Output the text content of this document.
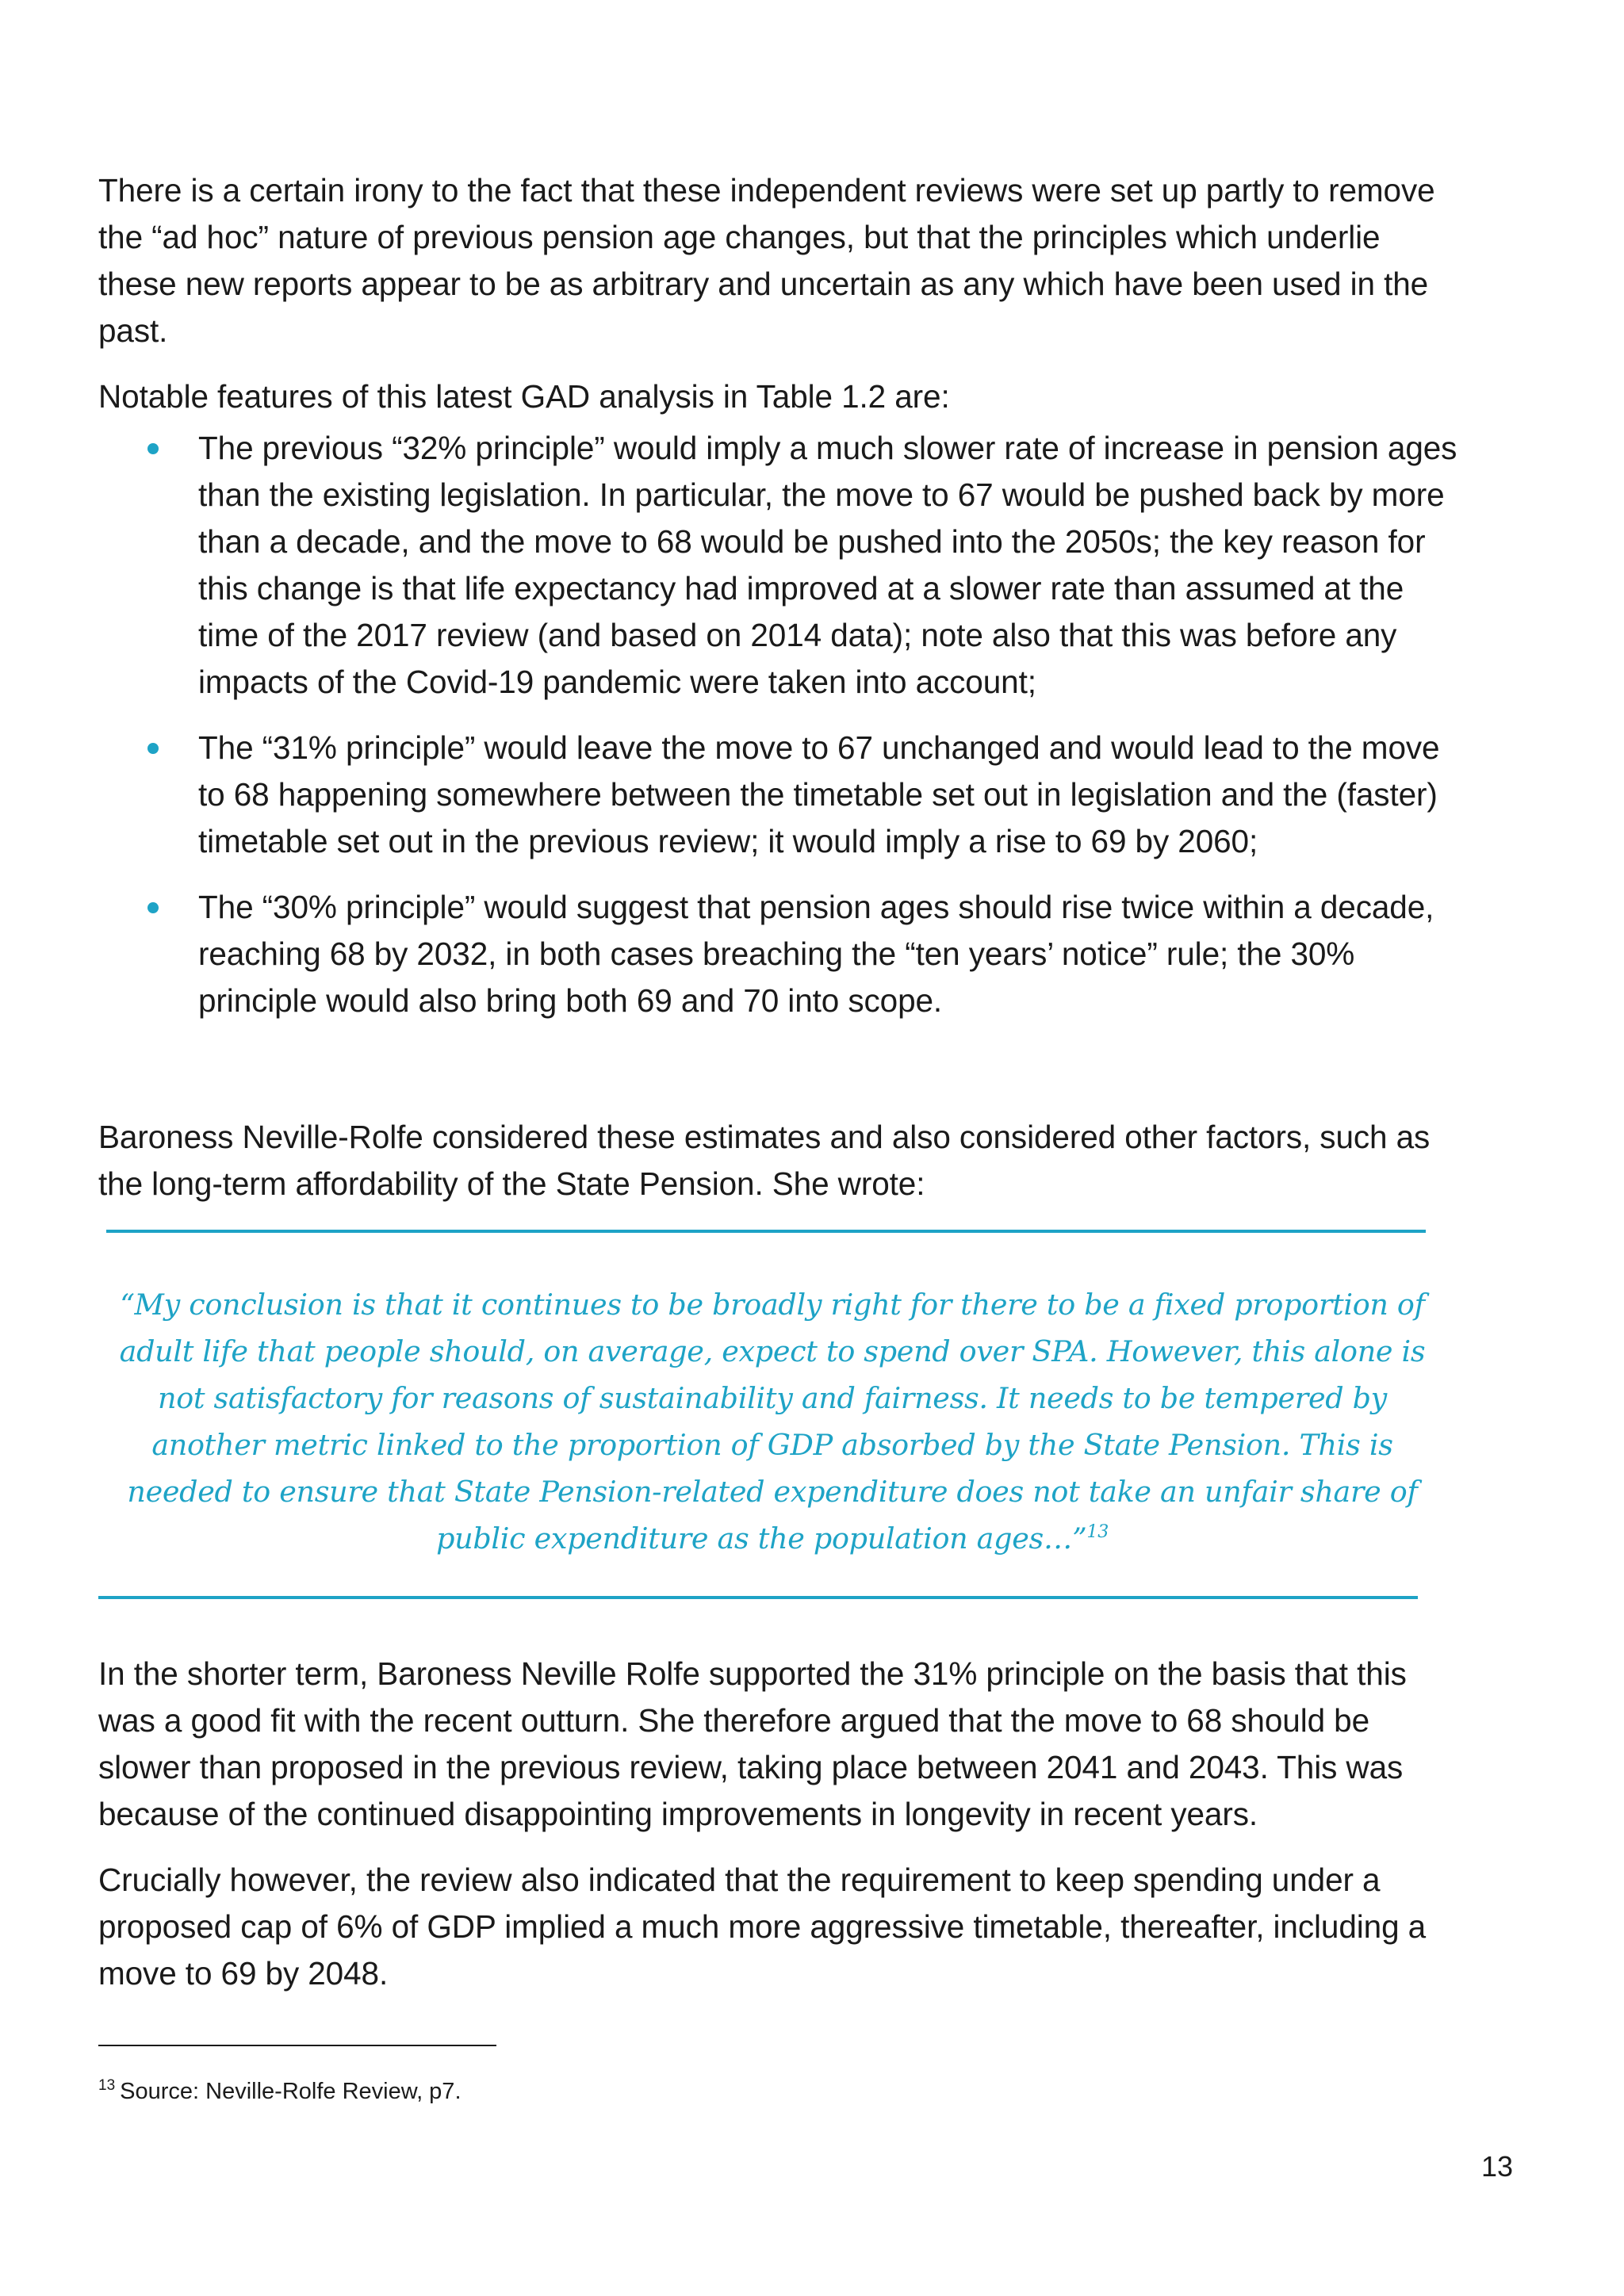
There is a certain irony to the fact that these independent reviews were set up partly to remove the “ad hoc” nature of previous pension age changes, but that the principles which underlie these new reports appear to be as arbitrary and uncertain as any which have been used in the past.

Notable features of this latest GAD analysis in Table 1.2 are:

The previous “32% principle” would imply a much slower rate of increase in pension ages than the existing legislation. In particular, the move to 67 would be pushed back by more than a decade, and the move to 68 would be pushed into the 2050s; the key reason for this change is that life expectancy had improved at a slower rate than assumed at the time of the 2017 review (and based on 2014 data); note also that this was before any impacts of the Covid-19 pandemic were taken into account;
The “31% principle” would leave the move to 67 unchanged and would lead to the move to 68 happening somewhere between the timetable set out in legislation and the (faster) timetable set out in the previous review; it would imply a rise to 69 by 2060;
The “30% principle” would suggest that pension ages should rise twice within a decade, reaching 68 by 2032, in both cases breaching the “ten years’ notice” rule; the 30% principle would also bring both 69 and 70 into scope.

Baroness Neville-Rolfe considered these estimates and also considered other factors, such as the long-term affordability of the State Pension. She wrote:

“My conclusion is that it continues to be broadly right for there to be a fixed proportion of adult life that people should, on average, expect to spend over SPA. However, this alone is not satisfactory for reasons of sustainability and fairness. It needs to be tempered by another metric linked to the proportion of GDP absorbed by the State Pension. This is needed to ensure that State Pension-related expenditure does not take an unfair share of public expenditure as the population ages…”$^{13}$

In the shorter term, Baroness Neville Rolfe supported the 31% principle on the basis that this was a good fit with the recent outturn. She therefore argued that the move to 68 should be slower than proposed in the previous review, taking place between 2041 and 2043. This was because of the continued disappointing improvements in longevity in recent years.

Crucially however, the review also indicated that the requirement to keep spending under a proposed cap of 6% of GDP implied a much more aggressive timetable, thereafter, including a move to 69 by 2048.

$^{13}$ Source: Neville-Rolfe Review, p7.

13
